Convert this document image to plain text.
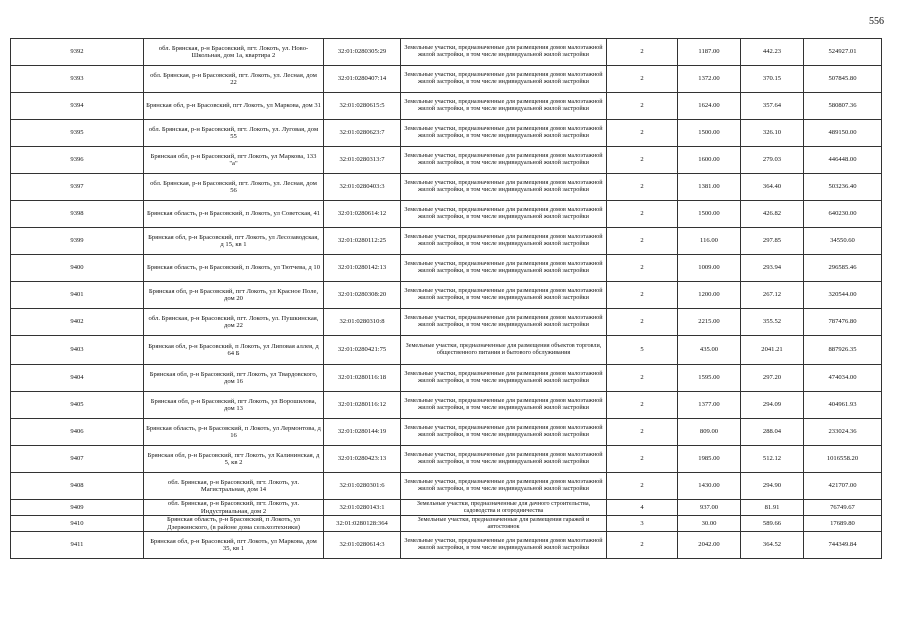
556
9392	обл. Брянская, р-н Брасовский, пгт. Локоть, ул. Ново-Школьная, дом 1а, квартира 2	32:01:0280305:29	Земельные участки, предназначенные для размещения домов малоэтажной жилой застройки, в том числе индивидуальной жилой застройки	2	1187.00	442.23	524927.01
9393	обл. Брянская, р-н Брасовский, пгт. Локоть, ул. Лесная, дом 22	32:01:0280407:14	Земельные участки, предназначенные для размещения домов малоэтажной жилой застройки, в том числе индивидуальной жилой застройки	2	1372.00	370.15	507845.80
9394	Брянская обл, р-н Брасовский, пгт Локоть, ул Маркова, дом 31	32:01:0280615:5	Земельные участки, предназначенные для размещения домов малоэтажной жилой застройки, в том числе индивидуальной жилой застройки	2	1624.00	357.64	580807.36
9395	обл. Брянская, р-н Брасовский, пгт. Локоть, ул. Луговая, дом 55	32:01:0280623:7	Земельные участки, предназначенные для размещения домов малоэтажной жилой застройки, в том числе индивидуальной жилой застройки	2	1500.00	326.10	489150.00
9396	Брянская обл, р-н Брасовский, пгт Локоть, ул Маркова, 133 "а"	32:01:0280313:7	Земельные участки, предназначенные для размещения домов малоэтажной жилой застройки, в том числе индивидуальной жилой застройки	2	1600.00	279.03	446448.00
9397	обл. Брянская, р-н Брасовский, пгт. Локоть, ул. Лесная, дом 56	32:01:0280403:3	Земельные участки, предназначенные для размещения домов малоэтажной жилой застройки, в том числе индивидуальной жилой застройки	2	1381.00	364.40	503236.40
9398	Брянская область, р-н Брасовский, п Локоть, ул Советская, 41	32:01:0280614:12	Земельные участки, предназначенные для размещения домов малоэтажной жилой застройки, в том числе индивидуальной жилой застройки	2	1500.00	426.82	640230.00
9399	Брянская обл, р-н Брасовский, пгт Локоть, ул Лесозаводская, д 15, кв 1	32:01:0280112:25	Земельные участки, предназначенные для размещения домов малоэтажной жилой застройки, в том числе индивидуальной жилой застройки	2	116.00	297.85	34550.60
9400	Брянская область, р-н Брасовский, п Локоть, ул Тютчева, д 10	32:01:0280142:13	Земельные участки, предназначенные для размещения домов малоэтажной жилой застройки, в том числе индивидуальной жилой застройки	2	1009.00	293.94	296585.46
9401	Брянская обл, р-н Брасовский, пгт Локоть, ул Красное Поле, дом 20	32:01:0280308:20	Земельные участки, предназначенные для размещения домов малоэтажной жилой застройки, в том числе индивидуальной жилой застройки	2	1200.00	267.12	320544.00
9402	обл. Брянская, р-н Брасовский, пгт. Локоть, ул. Пушкинская, дом 22	32:01:0280310:8	Земельные участки, предназначенные для размещения домов малоэтажной жилой застройки, в том числе индивидуальной жилой застройки	2	2215.00	355.52	787476.80
9403	Брянская обл, р-н Брасовский, п Локоть, ул Липовая аллея, д 64 Б	32:01:0280421:75	Земельные участки, предназначенные для размещения объектов торговли, общественного питания и бытового обслуживания	5	435.00	2041.21	887926.35
9404	Брянская обл, р-н Брасовский, пгт Локоть, ул Твардовского, дом 16	32:01:0280116:18	Земельные участки, предназначенные для размещения домов малоэтажной жилой застройки, в том числе индивидуальной жилой застройки	2	1595.00	297.20	474034.00
9405	Брянская обл, р-н Брасовский, пгт Локоть, ул Ворошилова, дом 13	32:01:0280116:12	Земельные участки, предназначенные для размещения домов малоэтажной жилой застройки, в том числе индивидуальной жилой застройки	2	1377.00	294.09	404961.93
9406	Брянская область, р-н Брасовский, п Локоть, ул Лермонтова, д 16	32:01:0280144:19	Земельные участки, предназначенные для размещения домов малоэтажной жилой застройки, в том числе индивидуальной жилой застройки	2	809.00	288.04	233024.36
9407	Брянская обл, р-н Брасовский, пгт Локоть, ул Калининская, д 5, кв 2	32:01:0280423:13	Земельные участки, предназначенные для размещения домов малоэтажной жилой застройки, в том числе индивидуальной жилой застройки	2	1985.00	512.12	1016558.20
9408	обл. Брянская, р-н Брасовский, пгт. Локоть, ул. Магистральная, дом 14	32:01:0280301:6	Земельные участки, предназначенные для размещения домов малоэтажной жилой застройки, в том числе индивидуальной жилой застройки	2	1430.00	294.90	421707.00
9409	обл. Брянская, р-н Брасовский, пгт. Локоть, ул. Индустриальная, дом 2	32:01:0280143:1	Земельные участки, предназначенные для дачного строительства, садоводства и огородничества	4	937.00	81.91	76749.67
9410	Брянская область, р-н Брасовский, п Локоть, ул Дзержинского, (в районе дома сельхозтехники)	32:01:0280128:364	Земельные участки, предназначенные для размещения гаражей и автостоянок	3	30.00	589.66	17689.80
9411	Брянская обл, р-н Брасовский, пгт Локоть, ул Маркова, дом 35, кв 1	32:01:0280614:3	Земельные участки, предназначенные для размещения домов малоэтажной жилой застройки, в том числе индивидуальной жилой застройки	2	2042.00	364.52	744349.84
